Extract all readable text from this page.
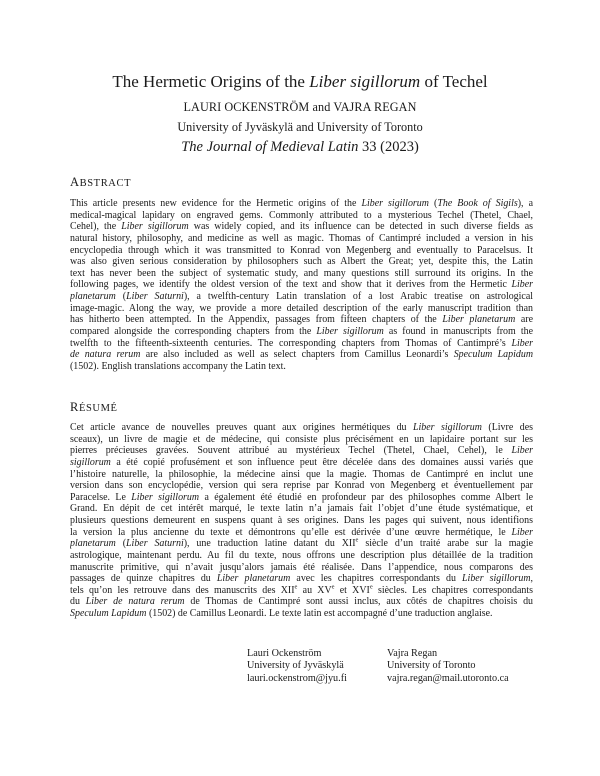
The Hermetic Origins of the Liber sigillorum of Techel
LAURI OCKENSTRÖM and VAJRA REGAN
University of Jyväskylä and University of Toronto
The Journal of Medieval Latin 33 (2023)
ABSTRACT
This article presents new evidence for the Hermetic origins of the Liber sigillorum (The Book of Sigils), a
medical-magical lapidary on engraved gems. Commonly attributed to a mysterious Techel (Thetel, Chael,
Cehel), the Liber sigillorum was widely copied, and its influence can be detected in such diverse fields as
natural history, philosophy, and medicine as well as magic. Thomas of Cantimpré included a version in his
encyclopedia through which it was transmitted to Konrad von Megenberg and eventually to Paracelsus. It
was also given serious consideration by philosophers such as Albert the Great; yet, despite this, the Latin
text has never been the subject of systematic study, and many questions still surround its origins. In the
following pages, we identify the oldest version of the text and show that it derives from the Hermetic Liber
planetarum (Liber Saturni), a twelfth-century Latin translation of a lost Arabic treatise on astrological
image-magic. Along the way, we provide a more detailed description of the early manuscript tradition than
has hitherto been attempted. In the Appendix, passages from fifteen chapters of the Liber planetarum are
compared alongside the corresponding chapters from the Liber sigillorum as found in manuscripts from the
twelfth to the fifteenth-sixteenth centuries. The corresponding chapters from Thomas of Cantimpré’s Liber
de natura rerum are also included as well as select chapters from Camillus Leonardi’s Speculum Lapidum
(1502). English translations accompany the Latin text.
RÉSUMÉ
Cet article avance de nouvelles preuves quant aux origines hermétiques du Liber sigillorum (Livre des
sceaux), un livre de magie et de médecine, qui consiste plus précisément en un lapidaire portant sur les
pierres précieuses gravées. Souvent attribué au mystérieux Techel (Thetel, Chael, Cehel), le Liber
sigillorum a été copié profusément et son influence peut être décelée dans des domaines aussi variés que
l’histoire naturelle, la philosophie, la médecine ainsi que la magie. Thomas de Cantimpré en inclut une
version dans son encyclopédie, version qui sera reprise par Konrad von Megenberg et éventuellement par
Paracelse. Le Liber sigillorum a également été étudié en profondeur par des philosophes comme Albert le
Grand. En dépit de cet intérêt marqué, le texte latin n’a jamais fait l’objet d’une étude systématique, et
plusieurs questions demeurent en suspens quant à ses origines. Dans les pages qui suivent, nous identifions
la version la plus ancienne du texte et démontrons qu’elle est dérivée d’une œuvre hermétique, le Liber
planetarum (Liber Saturni), une traduction latine datant du XIIe siècle d’un traité arabe sur la magie
astrologique, maintenant perdu. Au fil du texte, nous offrons une description plus détaillée de la tradition
manuscrite primitive, qui n’avait jusqu’alors jamais été réalisée. Dans l’appendice, nous comparons des
passages de quinze chapitres du Liber planetarum avec les chapitres correspondants du Liber sigillorum,
tels qu’on les retrouve dans des manuscrits des XIIe au XVe et XVIe siècles. Les chapitres correspondants
du Liber de natura rerum de Thomas de Cantimpré sont aussi inclus, aux côtés de chapitres choisis du
Speculum Lapidum (1502) de Camillus Leonardi. Le texte latin est accompagné d’une traduction anglaise.
Lauri Ockenström
University of Jyväskylä
lauri.ockenstrom@jyu.fi
Vajra Regan
University of Toronto
vajra.regan@mail.utoronto.ca
